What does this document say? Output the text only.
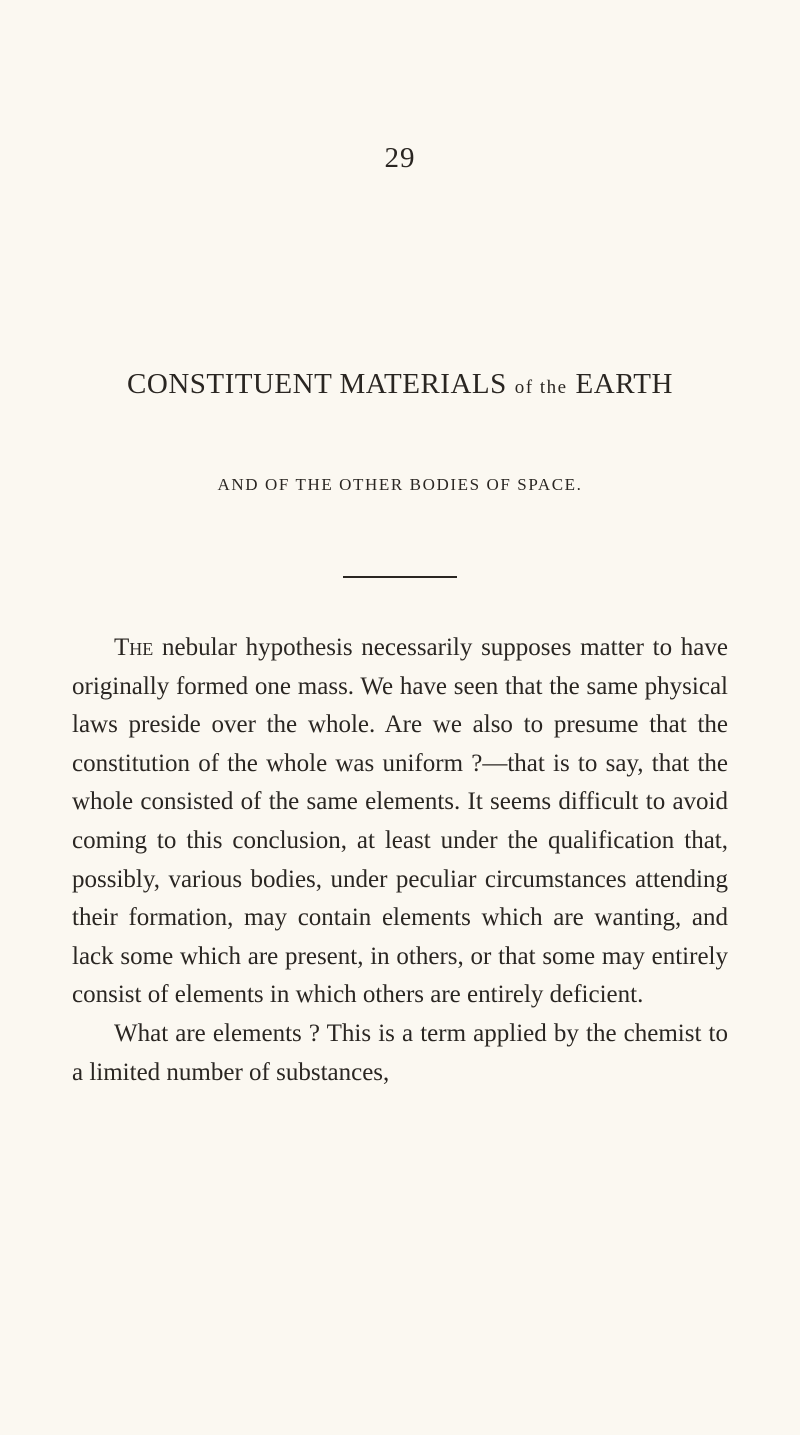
29
CONSTITUENT MATERIALS of the EARTH
AND OF THE OTHER BODIES OF SPACE.

The nebular hypothesis necessarily supposes matter to have originally formed one mass. We have seen that the same physical laws preside over the whole. Are we also to presume that the constitution of the whole was uniform ?—that is to say, that the whole consisted of the same elements. It seems difficult to avoid coming to this conclusion, at least under the qualification that, possibly, various bodies, under peculiar circumstances attending their formation, may contain elements which are wanting, and lack some which are present, in others, or that some may entirely consist of elements in which others are entirely deficient.

What are elements ? This is a term applied by the chemist to a limited number of substances,
